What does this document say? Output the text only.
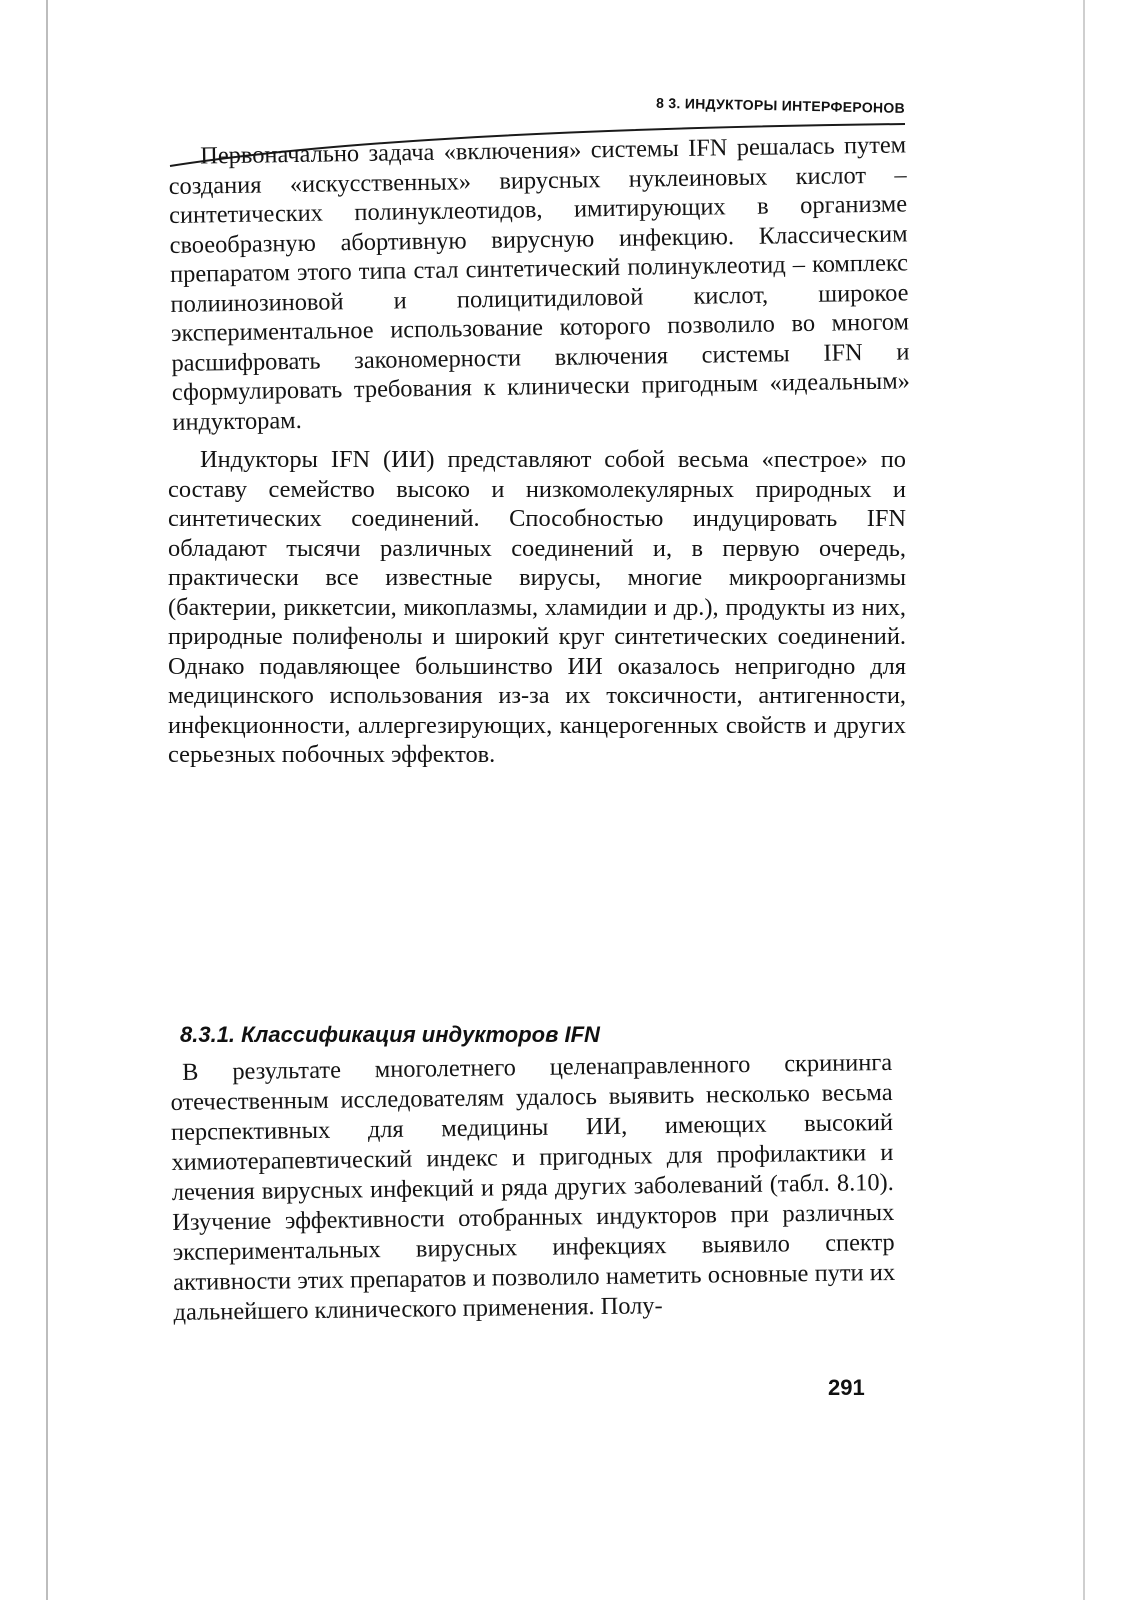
8 3. ИНДУКТОРЫ ИНТЕРФЕРОНОВ

Первоначально задача «включения» системы IFN решалась путем создания «искусственных» вирусных нуклеиновых кислот – синтетических полинуклеотидов, имитирующих в организме своеобразную абортивную вирусную инфекцию. Классическим препаратом этого типа стал синтетический полинуклеотид – комплекс полиинозиновой и полицитидиловой кислот, широкое экспериментальное использование которого позволило во многом расшифровать закономерности включения системы IFN и сформулировать требования к клинически пригодным «идеальным» индукторам.

Индукторы IFN (ИИ) представляют собой весьма «пестрое» по составу семейство высоко и низкомолекулярных природных и синтетических соединений. Способностью индуцировать IFN обладают тысячи различных соединений и, в первую очередь, практически все известные вирусы, многие микроорганизмы (бактерии, риккетсии, микоплазмы, хламидии и др.), продукты из них, природные полифенолы и широкий круг синтетических соединений. Однако подавляющее большинство ИИ оказалось непригодно для медицинского использования из-за их токсичности, антигенности, инфекционности, аллергезирующих, канцерогенных свойств и других серьезных побочных эффектов.

8.3.1. Классификация индукторов IFN

В результате многолетнего целенаправленного скрининга отечественным исследователям удалось выявить несколько весьма перспективных для медицины ИИ, имеющих высокий химиотерапевтический индекс и пригодных для профилактики и лечения вирусных инфекций и ряда других заболеваний (табл. 8.10). Изучение эффективности отобранных индукторов при различных экспериментальных вирусных инфекциях выявило спектр активности этих препаратов и позволило наметить основные пути их дальнейшего клинического применения. Полу-

291
